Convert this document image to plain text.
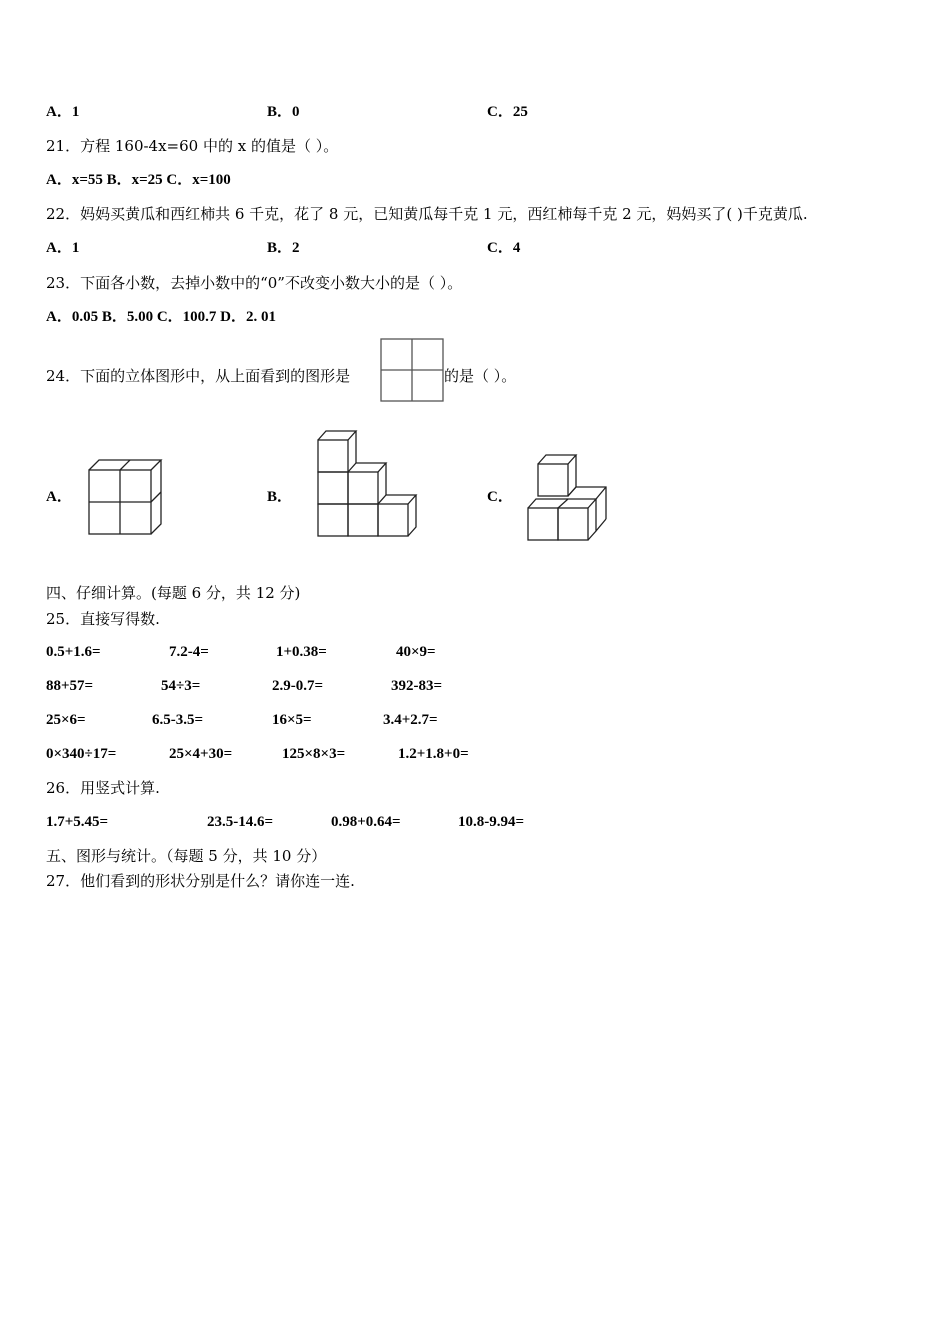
A．1	B．0	C．25
21．方程 160-4x=60 中的 x 的值是（ ）。
A．x=55 B．x=25 C．x=100
22．妈妈买黄瓜和西红柿共 6 千克，花了 8 元，已知黄瓜每千克 1 元，西红柿每千克 2 元，妈妈买了( )千克黄瓜.
A．1	B．2	C．4
23．下面各小数，去掉小数中的“0”不改变小数大小的是（ ）。
A．0.05 B．5.00 C．100.7 D．2. 01
24．下面的立体图形中，从上面看到的图形是	的是（ ）。
A．	B．	C．
四、仔细计算。(每题 6 分，共 12 分)
25．直接写得数.
0.5+1.6=	7.2-4=	1+0.38=	40×9=
88+57=	54÷3=	2.9-0.7=	392-83=
25×6=	6.5-3.5=	16×5=	3.4+2.7=
0×340÷17=	25×4+30=	125×8×3=	1.2+1.8+0=
26．用竖式计算.
1.7+5.45=	23.5-14.6=	0.98+0.64=	10.8-9.94=
五、图形与统计。（每题 5 分，共 10 分）
27．他们看到的形状分别是什么？请你连一连.
